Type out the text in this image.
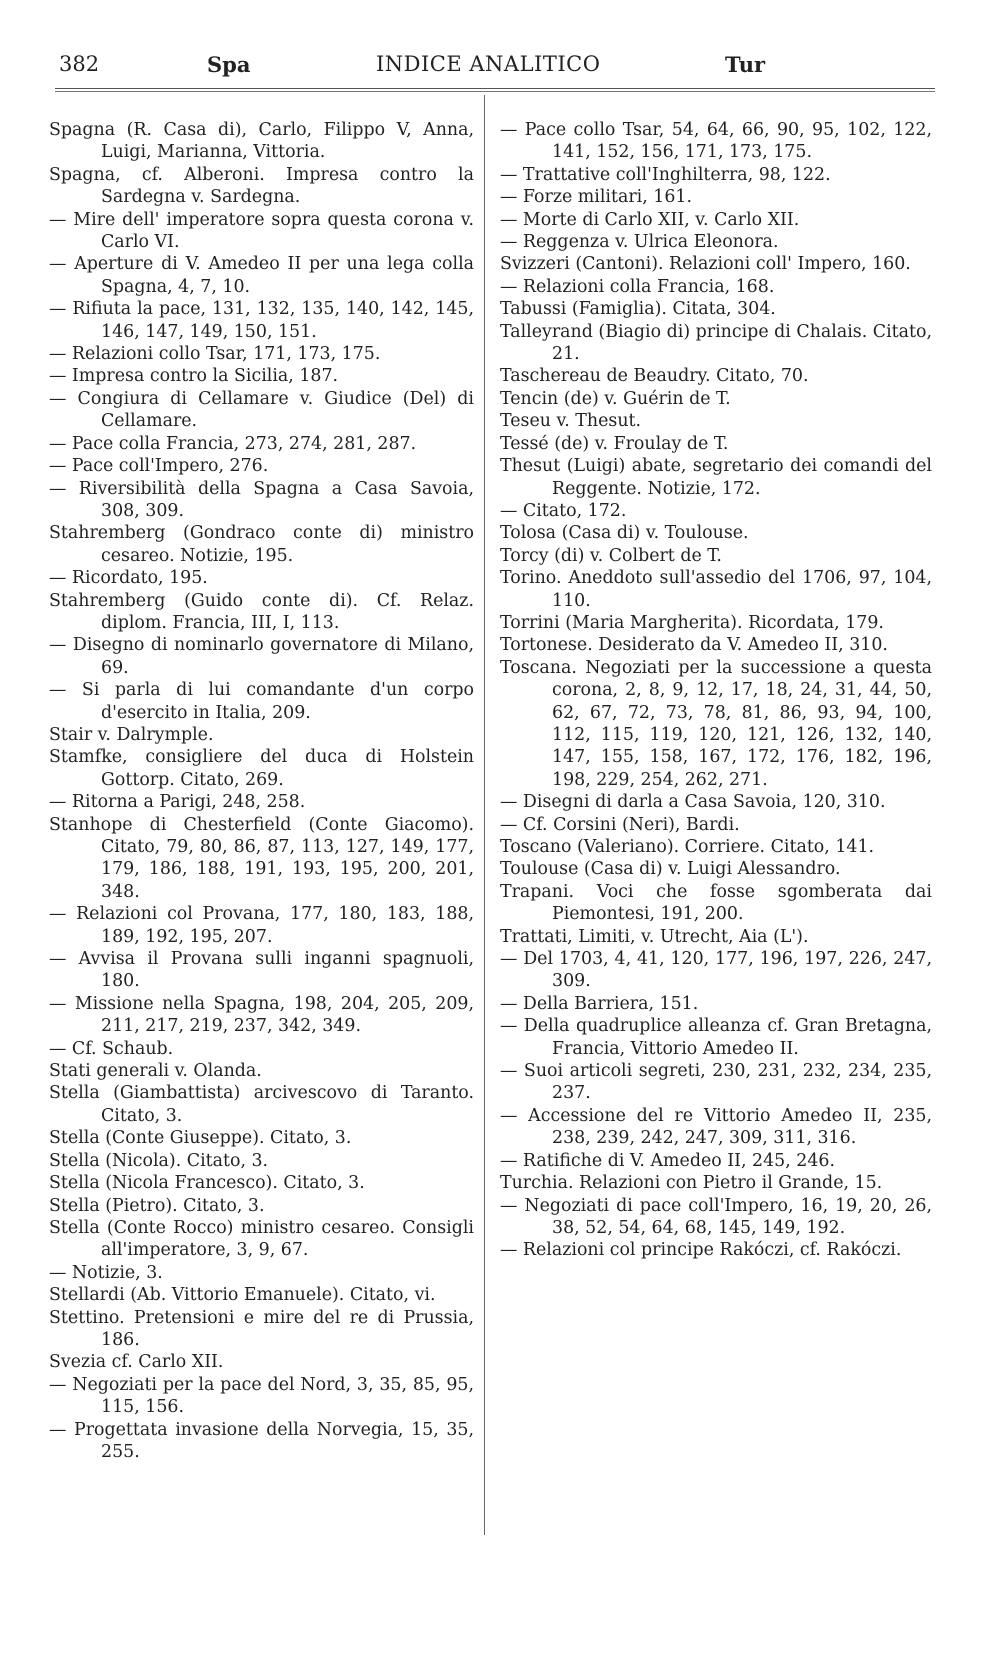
382	Spa	INDICE ANALITICO	Tur
Spagna (R. Casa di), Carlo, Filippo V, Anna, Luigi, Marianna, Vittoria.
Spagna, cf. Alberoni. Impresa contro la Sardegna v. Sardegna.
— Mire dell' imperatore sopra questa corona v. Carlo VI.
— Aperture di V. Amedeo II per una lega colla Spagna, 4, 7, 10.
— Rifiuta la pace, 131, 132, 135, 140, 142, 145, 146, 147, 149, 150, 151.
— Relazioni collo Tsar, 171, 173, 175.
— Impresa contro la Sicilia, 187.
— Congiura di Cellamare v. Giudice (Del) di Cellamare.
— Pace colla Francia, 273, 274, 281, 287.
— Pace coll'Impero, 276.
— Riversibilità della Spagna a Casa Savoia, 308, 309.
Stahremberg (Gondraco conte di) ministro cesareo. Notizie, 195.
— Ricordato, 195.
Stahremberg (Guido conte di). Cf. Relaz. diplom. Francia, III, I, 113.
— Disegno di nominarlo governatore di Milano, 69.
— Si parla di lui comandante d'un corpo d'esercito in Italia, 209.
Stair v. Dalrymple.
Stamfke, consigliere del duca di Holstein Gottorp. Citato, 269.
— Ritorna a Parigi, 248, 258.
Stanhope di Chesterfield (Conte Giacomo). Citato, 79, 80, 86, 87, 113, 127, 149, 177, 179, 186, 188, 191, 193, 195, 200, 201, 348.
— Relazioni col Provana, 177, 180, 183, 188, 189, 192, 195, 207.
— Avvisa il Provana sulli inganni spagnuoli, 180.
— Missione nella Spagna, 198, 204, 205, 209, 211, 217, 219, 237, 342, 349.
— Cf. Schaub.
Stati generali v. Olanda.
Stella (Giambattista) arcivescovo di Taranto. Citato, 3.
Stella (Conte Giuseppe). Citato, 3.
Stella (Nicola). Citato, 3.
Stella (Nicola Francesco). Citato, 3.
Stella (Pietro). Citato, 3.
Stella (Conte Rocco) ministro cesareo. Consigli all'imperatore, 3, 9, 67.
— Notizie, 3.
Stellardi (Ab. Vittorio Emanuele). Citato, vi.
Stettino. Pretensioni e mire del re di Prussia, 186.
Svezia cf. Carlo XII.
— Negoziati per la pace del Nord, 3, 35, 85, 95, 115, 156.
— Progettata invasione della Norvegia, 15, 35, 255.
— Pace collo Tsar, 54, 64, 66, 90, 95, 102, 122, 141, 152, 156, 171, 173, 175.
— Trattative coll'Inghilterra, 98, 122.
— Forze militari, 161.
— Morte di Carlo XII, v. Carlo XII.
— Reggenza v. Ulrica Eleonora.
Svizzeri (Cantoni). Relazioni coll' Impero, 160.
— Relazioni colla Francia, 168.
Tabussi (Famiglia). Citata, 304.
Talleyrand (Biagio di) principe di Chalais. Citato, 21.
Taschereau de Beaudry. Citato, 70.
Tencin (de) v. Guérin de T.
Teseu v. Thesut.
Tessé (de) v. Froulay de T.
Thesut (Luigi) abate, segretario dei comandi del Reggente. Notizie, 172.
— Citato, 172.
Tolosa (Casa di) v. Toulouse.
Torcy (di) v. Colbert de T.
Torino. Aneddoto sull'assedio del 1706, 97, 104, 110.
Torrini (Maria Margherita). Ricordata, 179.
Tortonese. Desiderato da V. Amedeo II, 310.
Toscana. Negoziati per la successione a questa corona, 2, 8, 9, 12, 17, 18, 24, 31, 44, 50, 62, 67, 72, 73, 78, 81, 86, 93, 94, 100, 112, 115, 119, 120, 121, 126, 132, 140, 147, 155, 158, 167, 172, 176, 182, 196, 198, 229, 254, 262, 271.
— Disegni di darla a Casa Savoia, 120, 310.
— Cf. Corsini (Neri), Bardi.
Toscano (Valeriano). Corriere. Citato, 141.
Toulouse (Casa di) v. Luigi Alessandro.
Trapani. Voci che fosse sgomberata dai Piemontesi, 191, 200.
Trattati, Limiti, v. Utrecht, Aia (L').
— Del 1703, 4, 41, 120, 177, 196, 197, 226, 247, 309.
— Della Barriera, 151.
— Della quadruplice alleanza cf. Gran Bretagna, Francia, Vittorio Amedeo II.
— Suoi articoli segreti, 230, 231, 232, 234, 235, 237.
— Accessione del re Vittorio Amedeo II, 235, 238, 239, 242, 247, 309, 311, 316.
— Ratifiche di V. Amedeo II, 245, 246.
Turchia. Relazioni con Pietro il Grande, 15.
— Negoziati di pace coll'Impero, 16, 19, 20, 26, 38, 52, 54, 64, 68, 145, 149, 192.
— Relazioni col principe Rakóczi, cf. Rakóczi.
